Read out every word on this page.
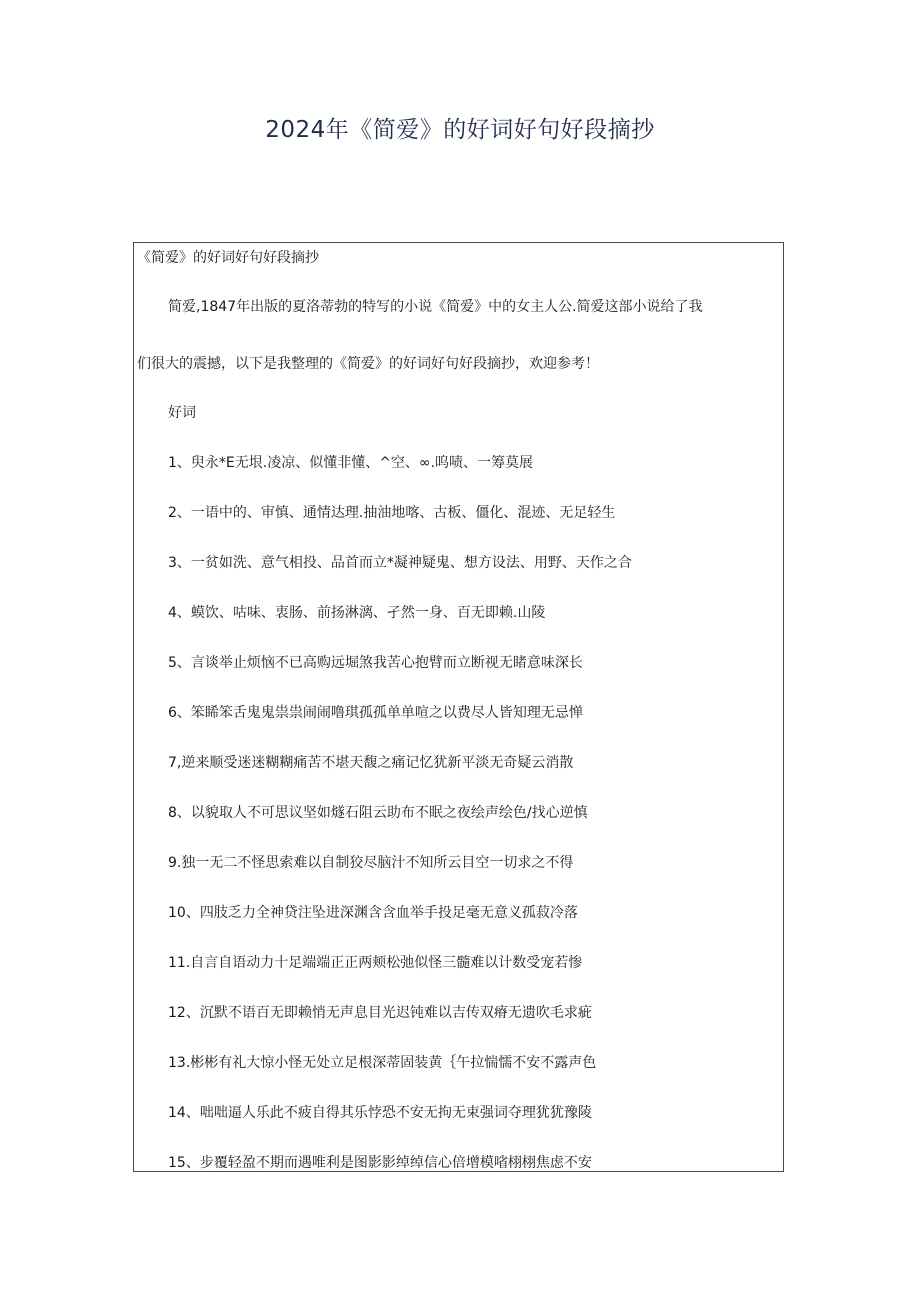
2024年《简爱》的好词好句好段摘抄
《简爱》的好词好句好段摘抄
简爱,1847年出版的夏洛蒂勃的特写的小说《简爱》中的女主人公.简爱这部小说给了我
们很大的震撼，以下是我整理的《简爱》的好词好句好段摘抄，欢迎参考！
好词
1、臾永*E无垠.凌凉、似懂非懂、^空、∞.呜啧、一筹莫展
2、一语中的、审慎、通情达理.抽油地喀、古板、僵化、混迹、无足轻生
3、一贫如洗、意气相投、品首而立*凝神疑鬼、想方设法、用野、天作之合
4、蟆饮、咕味、衷肠、前扬淋漓、孑然一身、百无即赖.山陵
5、言谈举止烦恼不已高购远堀煞我苦心抱臂而立断视无睹意味深长
6、笨睎笨舌鬼鬼祟祟闹闹噜琪孤孤单单喧之以费尽人皆知理无忌惮
7,逆来顺受迷迷糊糊痛苦不堪天馥之痛记忆犹新平淡无奇疑云消散
8、以貌取人不可思议坚如燧石阻云助布不眠之夜绘声绘色/找心逆慎
9.独一无二不怪思索难以自制狡尽脑汁不知所云目空一切求之不得
10、四肢乏力全神贷注坠进深渊含含血举手投足毫无意义孤菽冷落
11.自言自语动力十足端端正正两颊松弛似怪三髓难以计数受宠若惨
12、沉默不语百无即赖悄无声息目光迟钝难以吉传双瘠无遗吹毛求疵
13.彬彬有礼大惊小怪无处立足根深蒂固装黄｛午拉惴懦不安不露声色
14、咄咄逼人乐此不疲自得其乐悖恐不安无拘无束强词夺理犹犹豫陵
15、步覆轻盈不期而遇唯利是图影影绰绰信心倍增模㗂栩栩焦虑不安
